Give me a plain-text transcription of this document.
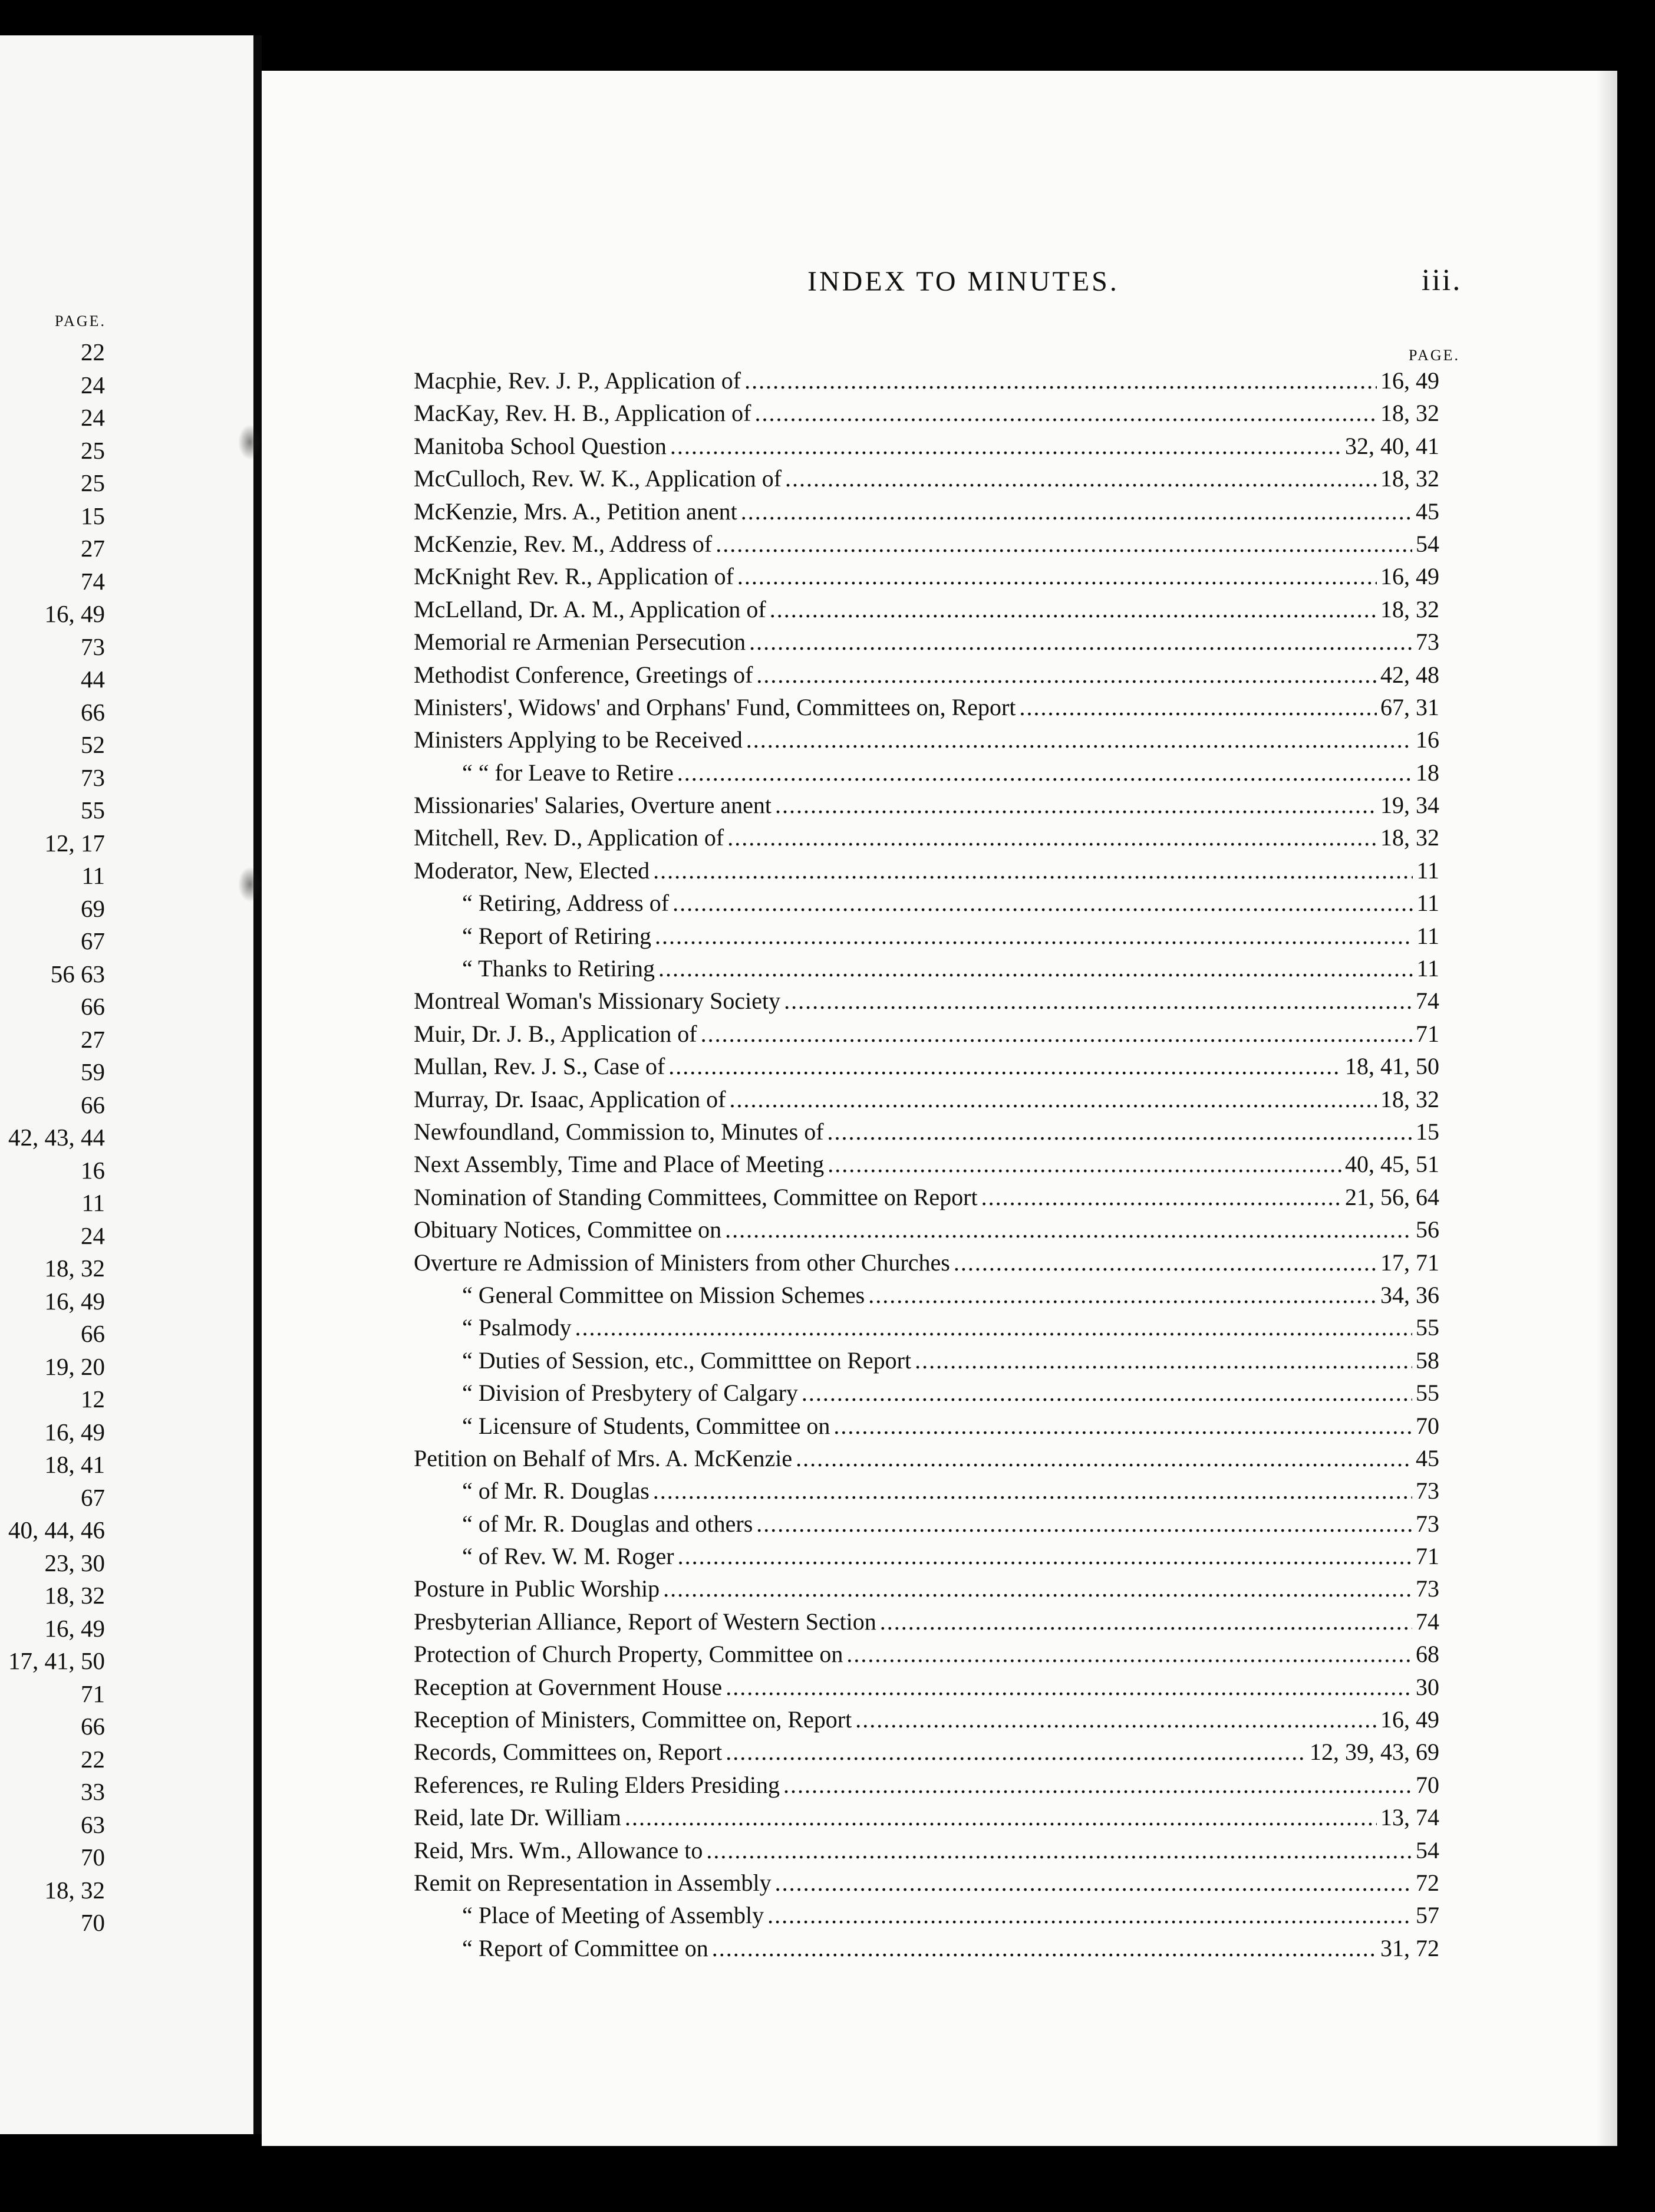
PAGE.
22
24
24
25
25
15
27
74
16, 49
73
44
66
52
73
55
12, 17
11
69
67
56 63
66
27
59
66
42, 43, 44
16
11
24
18, 32
16, 49
66
19, 20
12
16, 49
18, 41
67
40, 44, 46
23, 30
18, 32
16, 49
17, 41, 50
71
66
22
33
63
70
18, 32
70
INDEX TO MINUTES.	iii.
PAGE.
Macphie, Rev. J. P., Application of .....	16, 49
MacKay, Rev. H. B., Application of .....	18, 32
Manitoba School Question .....	32, 40, 41
McCulloch, Rev. W. K., Application of .....	18, 32
McKenzie, Mrs. A., Petition anent .....	45
McKenzie, Rev. M., Address of .....	54
McKnight Rev. R., Application of .....	16, 49
McLelland, Dr. A. M., Application of .....	18, 32
Memorial re Armenian Persecution .....	73
Methodist Conference, Greetings of .....	42, 48
Ministers', Widows' and Orphans' Fund, Committees on, Report .....	67, 31
Ministers Applying to be Received .....	16
“ “ for Leave to Retire .....	18
Missionaries' Salaries, Overture anent .....	19, 34
Mitchell, Rev. D., Application of .....	18, 32
Moderator, New, Elected .....	11
“ Retiring, Address of .....	11
“ Report of Retiring .....	11
“ Thanks to Retiring .....	11
Montreal Woman's Missionary Society .....	74
Muir, Dr. J. B., Application of .....	71
Mullan, Rev. J. S., Case of .....	18, 41, 50
Murray, Dr. Isaac, Application of .....	18, 32
Newfoundland, Commission to, Minutes of .....	15
Next Assembly, Time and Place of Meeting .....	40, 45, 51
Nomination of Standing Committees, Committee on Report .....	21, 56, 64
Obituary Notices, Committee on .....	56
Overture re Admission of Ministers from other Churches .....	17, 71
“ General Committee on Mission Schemes .....	34, 36
“ Psalmody .....	55
“ Duties of Session, etc., Committtee on Report .....	58
“ Division of Presbytery of Calgary .....	55
“ Licensure of Students, Committee on .....	70
Petition on Behalf of Mrs. A. McKenzie .....	45
“ of Mr. R. Douglas .....	73
“ of Mr. R. Douglas and others .....	73
“ of Rev. W. M. Roger .....	71
Posture in Public Worship .....	73
Presbyterian Alliance, Report of Western Section .....	74
Protection of Church Property, Committee on .....	68
Reception at Government House .....	30
Reception of Ministers, Committee on, Report .....	16, 49
Records, Committees on, Report .....	12, 39, 43, 69
References, re Ruling Elders Presiding .....	70
Reid, late Dr. William .....	13, 74
Reid, Mrs. Wm., Allowance to .....	54
Remit on Representation in Assembly .....	72
“ Place of Meeting of Assembly .....	57
“ Report of Committee on .....	31, 72
